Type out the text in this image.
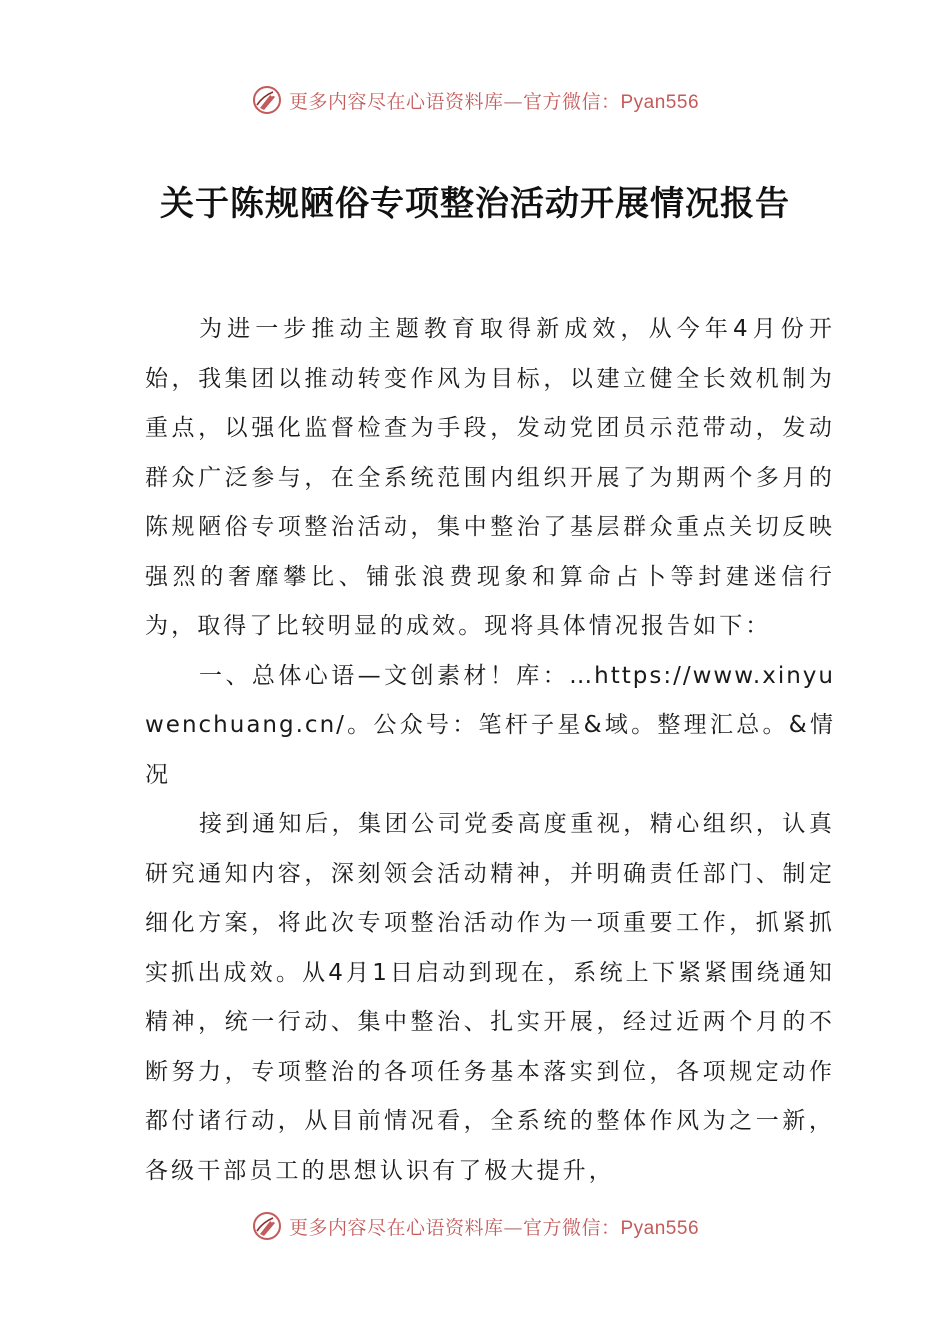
更多内容尽在心语资料库—官方微信：Pyan556
关于陈规陋俗专项整治活动开展情况报告

为进一步推动主题教育取得新成效，从今年4月份开始，我集团以推动转变作风为目标，以建立健全长效机制为重点，以强化监督检查为手段，发动党团员示范带动，发动群众广泛参与，在全系统范围内组织开展了为期两个多月的陈规陋俗专项整治活动，集中整治了基层群众重点关切反映强烈的奢靡攀比、铺张浪费现象和算命占卜等封建迷信行为，取得了比较明显的成效。现将具体情况报告如下：

一、总体心语—文创素材！库：…https://www.xinyuwenchuang.cn/。公众号：笔杆子星&域。整理汇总。&情况

接到通知后，集团公司党委高度重视，精心组织，认真研究通知内容，深刻领会活动精神，并明确责任部门、制定细化方案，将此次专项整治活动作为一项重要工作，抓紧抓实抓出成效。从4月1日启动到现在，系统上下紧紧围绕通知精神，统一行动、集中整治、扎实开展，经过近两个月的不断努力，专项整治的各项任务基本落实到位，各项规定动作都付诸行动，从目前情况看，全系统的整体作风为之一新，各级干部员工的思想认识有了极大提升，

更多内容尽在心语资料库—官方微信：Pyan556
